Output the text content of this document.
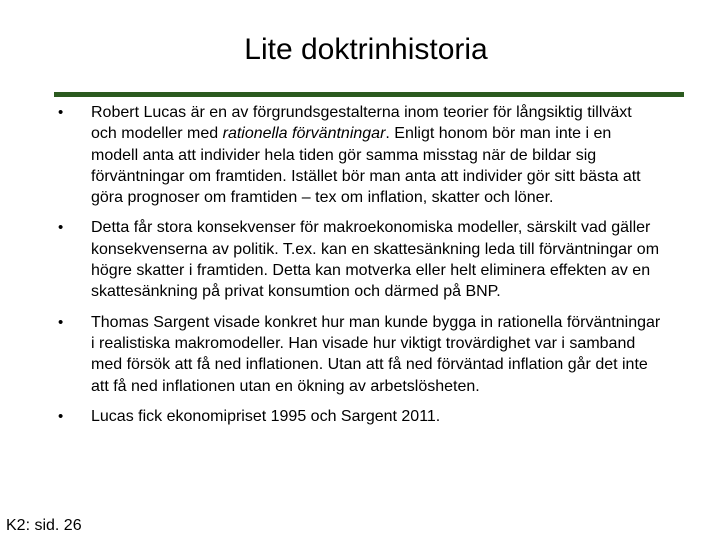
Lite doktrinhistoria
• Robert Lucas är en av förgrundsgestalterna inom teorier för långsiktig tillväxt och modeller med rationella förväntningar. Enligt honom bör man inte i en modell anta att individer hela tiden gör samma misstag när de bildar sig förväntningar om framtiden. Istället bör man anta att individer gör sitt bästa att göra prognoser om framtiden – tex om inflation, skatter och löner.

• Detta får stora konsekvenser för makroekonomiska modeller, särskilt vad gäller konsekvenserna av politik. T.ex. kan en skattesänkning leda till förväntningar om högre skatter i framtiden. Detta kan motverka eller helt eliminera effekten av en skattesänkning på privat konsumtion och därmed på BNP.

• Thomas Sargent visade konkret hur man kunde bygga in rationella förväntningar i realistiska makromodeller. Han visade hur viktigt trovärdighet var i samband med försök att få ned inflationen. Utan att få ned förväntad inflation går det inte att få ned inflationen utan en ökning av arbetslösheten.

• Lucas fick ekonomipriset 1995 och Sargent 2011.

K2: sid. 26
